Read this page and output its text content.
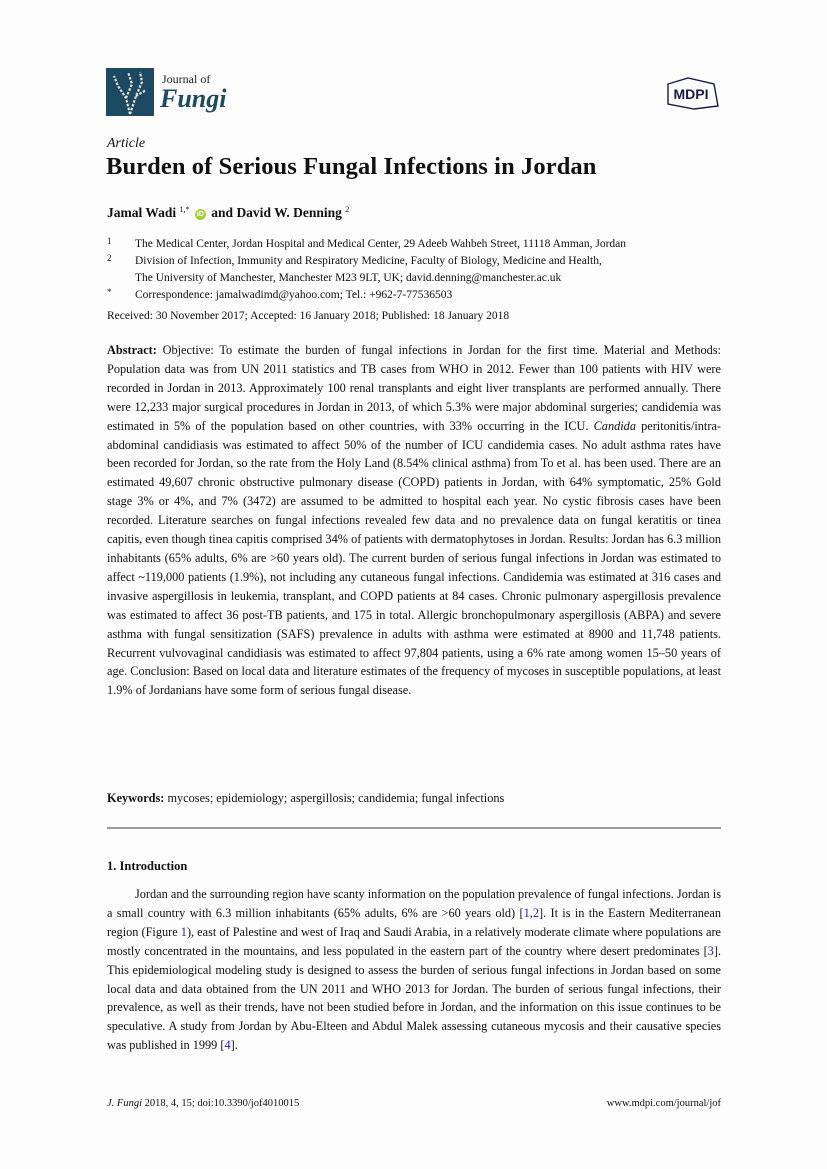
Journal of
Fungi	MDPI
Article
Burden of Serious Fungal Infections in Jordan
Jamal Wadi $^{1,*}$ iD and David W. Denning $^2$
1 The Medical Center, Jordan Hospital and Medical Center, 29 Adeeb Wahbeh Street, 11118 Amman, Jordan
2 Division of Infection, Immunity and Respiratory Medicine, Faculty of Biology, Medicine and Health,
The University of Manchester, Manchester M23 9LT, UK; david.denning@manchester.ac.uk
* Correspondence: jamalwadimd@yahoo.com; Tel.: +962-7-77536503
Received: 30 November 2017; Accepted: 16 January 2018; Published: 18 January 2018
Abstract: Objective: To estimate the burden of fungal infections in Jordan for the first time. Material and Methods: Population data was from UN 2011 statistics and TB cases from WHO in 2012. Fewer than 100 patients with HIV were recorded in Jordan in 2013. Approximately 100 renal transplants and eight liver transplants are performed annually. There were 12,233 major surgical procedures in Jordan in 2013, of which 5.3% were major abdominal surgeries; candidemia was estimated in 5% of the population based on other countries, with 33% occurring in the ICU. Candida peritonitis/intra-abdominal candidiasis was estimated to affect 50% of the number of ICU candidemia cases. No adult asthma rates have been recorded for Jordan, so the rate from the Holy Land (8.54% clinical asthma) from To et al. has been used. There are an estimated 49,607 chronic obstructive pulmonary disease (COPD) patients in Jordan, with 64% symptomatic, 25% Gold stage 3% or 4%, and 7% (3472) are assumed to be admitted to hospital each year. No cystic fibrosis cases have been recorded. Literature searches on fungal infections revealed few data and no prevalence data on fungal keratitis or tinea capitis, even though tinea capitis comprised 34% of patients with dermatophytoses in Jordan. Results: Jordan has 6.3 million inhabitants (65% adults, 6% are >60 years old). The current burden of serious fungal infections in Jordan was estimated to affect ~119,000 patients (1.9%), not including any cutaneous fungal infections. Candidemia was estimated at 316 cases and invasive aspergillosis in leukemia, transplant, and COPD patients at 84 cases. Chronic pulmonary aspergillosis prevalence was estimated to affect 36 post-TB patients, and 175 in total. Allergic bronchopulmonary aspergillosis (ABPA) and severe asthma with fungal sensitization (SAFS) prevalence in adults with asthma were estimated at 8900 and 11,748 patients. Recurrent vulvovaginal candidiasis was estimated to affect 97,804 patients, using a 6% rate among women 15–50 years of age. Conclusion: Based on local data and literature estimates of the frequency of mycoses in susceptible populations, at least 1.9% of Jordanians have some form of serious fungal disease.
Keywords: mycoses; epidemiology; aspergillosis; candidemia; fungal infections
1. Introduction
Jordan and the surrounding region have scanty information on the population prevalence of fungal infections. Jordan is a small country with 6.3 million inhabitants (65% adults, 6% are >60 years old) [1,2]. It is in the Eastern Mediterranean region (Figure 1), east of Palestine and west of Iraq and Saudi Arabia, in a relatively moderate climate where populations are mostly concentrated in the mountains, and less populated in the eastern part of the country where desert predominates [3]. This epidemiological modeling study is designed to assess the burden of serious fungal infections in Jordan based on some local data and data obtained from the UN 2011 and WHO 2013 for Jordan. The burden of serious fungal infections, their prevalence, as well as their trends, have not been studied before in Jordan, and the information on this issue continues to be speculative. A study from Jordan by Abu-Elteen and Abdul Malek assessing cutaneous mycosis and their causative species was published in 1999 [4].
J. Fungi 2018, 4, 15; doi:10.3390/jof4010015	www.mdpi.com/journal/jof
